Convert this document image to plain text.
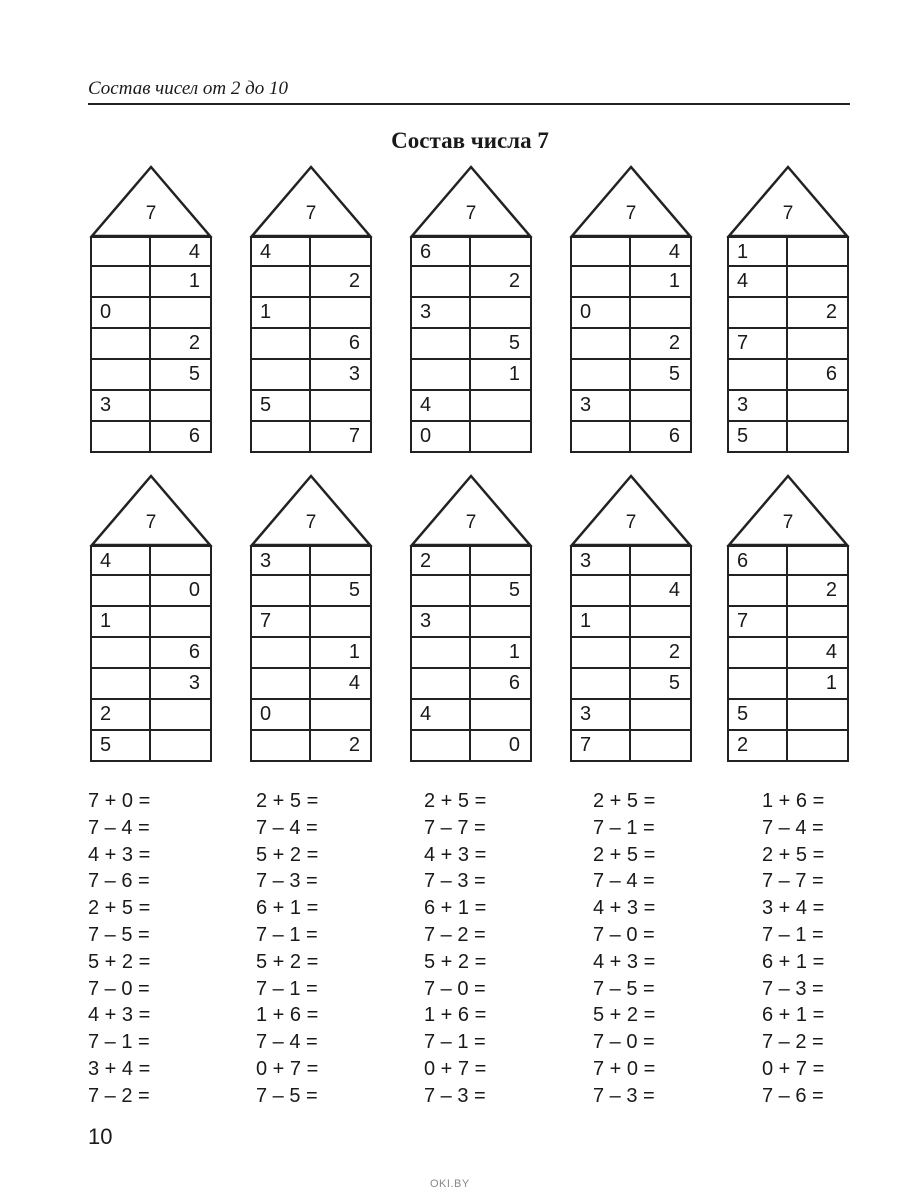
Состав чисел от 2 до 10
Состав числа 7
7
4
1
0
2
5
3
6
7
4
2
1
6
3
5
7
7
6
2
3
5
1
4
0
7
4
1
0
2
5
3
6
7
1
4
2
7
6
3
5
7
4
0
1
6
3
2
5
7
3
5
7
1
4
0
2
7
2
5
3
1
6
4
0
7
3
4
1
2
5
3
7
7
6
2
7
4
1
5
2
7 + 0 =
7 – 4 =
4 + 3 =
7 – 6 =
2 + 5 =
7 – 5 =
5 + 2 =
7 – 0 =
4 + 3 =
7 – 1 =
3 + 4 =
7 – 2 =
2 + 5 =
7 – 4 =
5 + 2 =
7 – 3 =
6 + 1 =
7 – 1 =
5 + 2 =
7 – 1 =
1 + 6 =
7 – 4 =
0 + 7 =
7 – 5 =
2 + 5 =
7 – 7 =
4 + 3 =
7 – 3 =
6 + 1 =
7 – 2 =
5 + 2 =
7 – 0 =
1 + 6 =
7 – 1 =
0 + 7 =
7 – 3 =
2 + 5 =
7 – 1 =
2 + 5 =
7 – 4 =
4 + 3 =
7 – 0 =
4 + 3 =
7 – 5 =
5 + 2 =
7 – 0 =
7 + 0 =
7 – 3 =
1 + 6 =
7 – 4 =
2 + 5 =
7 – 7 =
3 + 4 =
7 – 1 =
6 + 1 =
7 – 3 =
6 + 1 =
7 – 2 =
0 + 7 =
7 – 6 =
10
OKI.BY
